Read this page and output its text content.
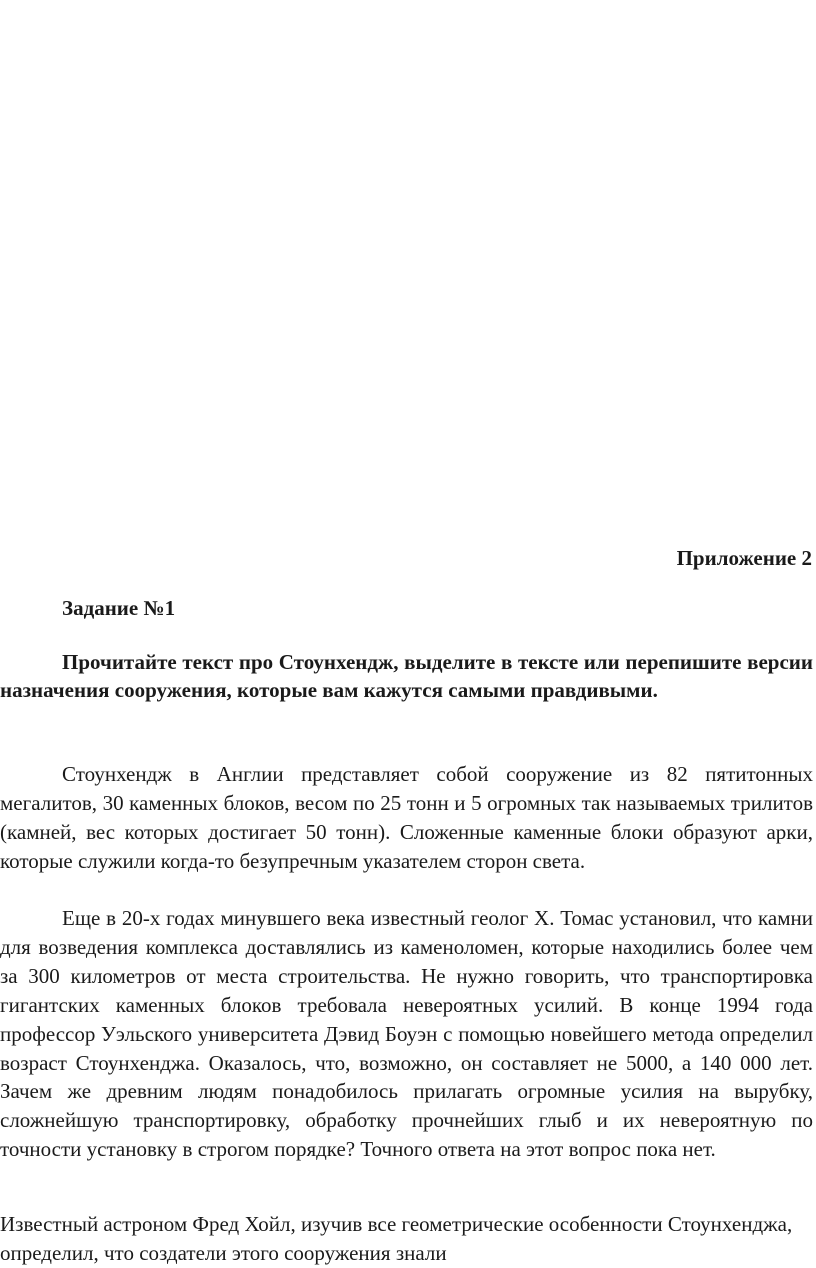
Приложение 2

Задание №1

Прочитайте текст про Стоунхендж, выделите в тексте или перепишите версии назначения сооружения, которые вам кажутся самыми правдивыми.

Стоунхендж в Англии представляет собой сооружение из 82 пятитонных мегалитов, 30 каменных блоков, весом по 25 тонн и 5 огромных так называемых трилитов (камней, вес которых достигает 50 тонн). Сложенные каменные блоки образуют арки, которые служили когда-то безупречным указателем сторон света.

Еще в 20-х годах минувшего века известный геолог Х. Томас установил, что камни для возведения комплекса доставлялись из каменоломен, которые находились более чем за 300 километров от места строительства. Не нужно говорить, что транспортировка гигантских каменных блоков требовала невероятных усилий. В конце 1994 года профессор Уэльского университета Дэвид Боуэн с помощью новейшего метода определил возраст Стоунхенджа. Оказалось, что, возможно, он составляет не 5000, а 140 000 лет. Зачем же древним людям понадобилось прилагать огромные усилия на вырубку, сложнейшую транспортировку, обработку прочнейших глыб и их невероятную по точности установку в строгом порядке? Точного ответа на этот вопрос пока нет.

Известный астроном Фред Хойл, изучив все геометрические особенности Стоунхенджа, определил, что создатели этого сооружения знали
